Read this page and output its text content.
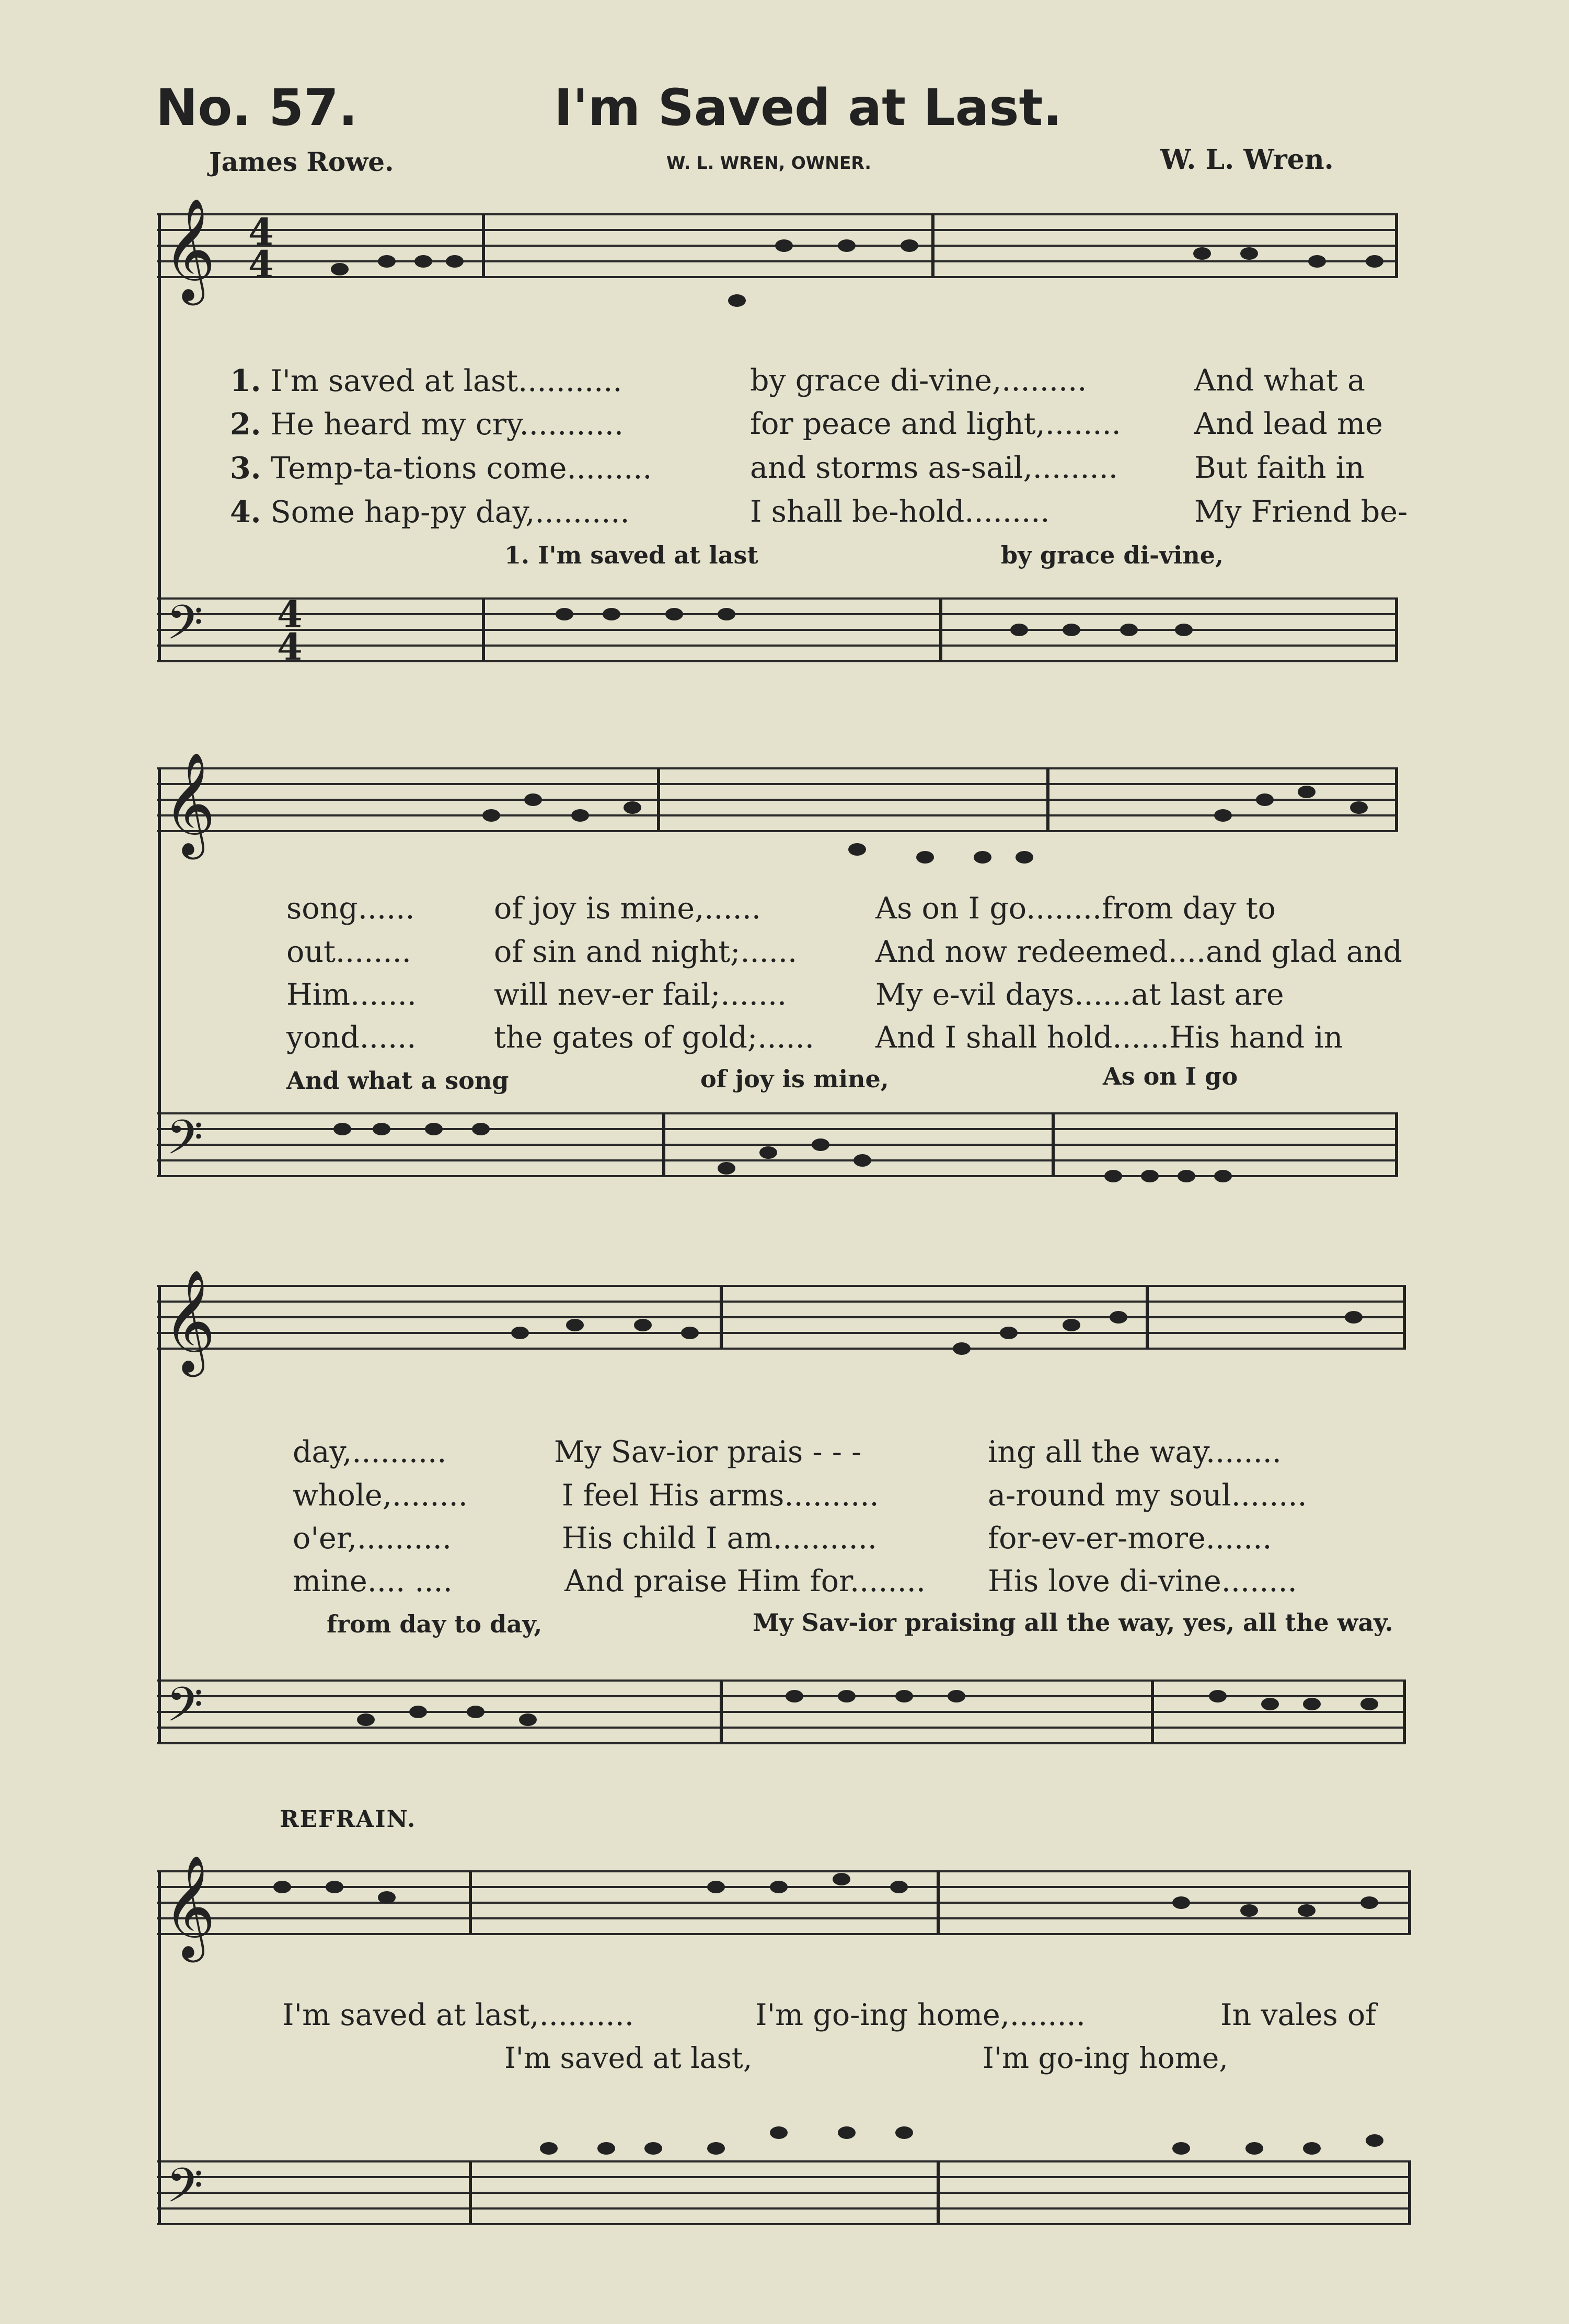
No. 57.	I'm Saved at Last.
James Rowe.	W. L. WREN, OWNER.	W. L. Wren.
𝄞
𝄢
𝄞
𝄢
𝄞
𝄢
𝄞
𝄢
4
4
4
4
1. I'm saved at last...........	by grace di-vine,.........	And what a
2. He heard my cry...........	for peace and light,........ And lead me
3. Temp-ta-tions come.........	and storms as-sail,.........	But faith in
4. Some hap-py day,..........	I shall be-hold.........	My Friend be-
1. I'm saved at last	by grace di-vine,
song......	of joy is mine,......	As on I go........from day to
out........	of sin and night;......	And now redeemed....and glad and
Him.......	will nev-er fail;.......	My e-vil days......at last are
yond......	the gates of gold;...... And I shall hold......His hand in
And what a song	of joy is mine,	As on I go
day,..........	My Sav-ior prais - - -	ing all the way........
whole,........	I feel His arms..........	a-round my soul........
o'er,..........	His child I am...........	for-ev-er-more.......
mine.... ....	And praise Him for........ His love di-vine........
from day to day,	My Sav-ior praising all the way, yes, all the way.
REFRAIN.
I'm saved at last,..........	I'm go-ing home,........	In vales of
I'm saved at last,	I'm go-ing home,
